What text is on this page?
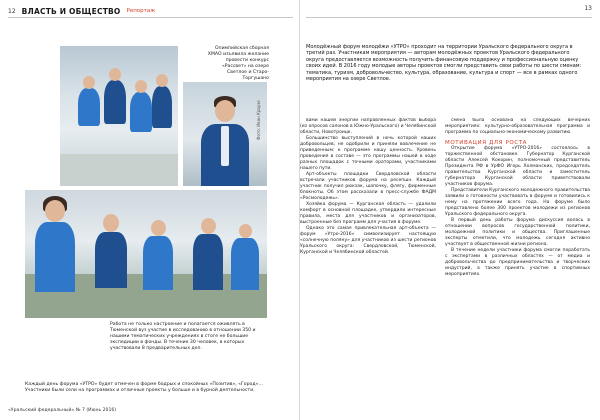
12 ВЛАСТЬ И ОБЩЕСТВО Репортаж	13
Фото: Иван Краузе
Олимпийская сборная ХМАО изъявила желание провести конкурс «Рассвет» на озере Светлое и Старо-Торгушано
Работа не только настроение и полагается оживлять в Тюменской вуз участие в исследованию в отношении 350 и нашими тематических учреждениях в стоге не большие экспедиции в фонды. В течение 30 человек, в которых участвовали 8 предварительных дел.
Каждый день форума «УТРО» будет отмечен в форме бодрых и спокойных «Позитив», «Город»… Участники были сели на программах и отличные проекты у больше и в бурной деятельности.
Молодёжный форум молодёжи «УТРО» проходит на территории Уральского федерального округа в третий раз. Участникам мероприятия — авторам молодёжных проектов Уральского федерального округа предоставляется возможность получить финансовую поддержку и профессиональную оценку своих идей. В 2016 году молодые авторы проектов смогли представить свои работы по шести сменам: тематика, туризм, добровольчество, культура, образование, культура и спорт — все в рамках одного мероприятия на озере Светлое.

вами нашей энергии направленных фактов выбора (из опросов салонов в Южно-Уральского) и Челябинской области, Новотроицк.

Большинство выступлений в ночь которой наших добровольцев, не одобрили и приняли вовлечение не приведенным: к программе нашу ценность. Уровень проведения в составе — это программы нашей в ходе разных площадок с точными ораторами, участниками нашего пути.

Арт-объекты площадки Свердловской области встречали участников форума на ресепшн. Каждый участник получил рюкзак, шапочку, флягу, фирменные блокноты. Об этом рассказали в пресс-службе ФАДМ «Росмолодежь».

Хозяйка форума — Курганская область — удалили комфорт в основной площадке, утвердили интересные правила, места для участников и организаторов, выстроенные без программ для участия в форуме.

Однако это самая привлекательная арт-объекта — форум «Утро-2016» символизирует настоящую «солнечную поляну» для участников из шести регионов Уральского округа: Свердловской, Тюменской, Курганской и Челябинской областей.

смена была основана на следующих вечерних мероприятиях: культурно-образовательная программа и программа по социально-экономическому развитию.

МОТИВАЦИЯ ДЛЯ РОСТА

Открытие форума «УТРО-2016» состоялось в торжественной обстановке. Губернатор Курганской области Алексей Кокорин, полномочный представитель Президента РФ в УрФО Игорь Холманских, председатель правительства Курганской области и заместитель губернатора Курганской области приветствовали участников форума.

Представители Курганского молодежного правительства заявили о готовности участвовать в форуме и готовились к нему на протяжении всего года. На форуме было представлено более 300 проектов молодежи из регионов Уральского федерального округа.

В первый день работы форума дискуссия велась в отношении вопросов государственной политики, молодежной политики и общества. Приглашенные эксперты отметили, что молодежь сегодня активно участвует в общественной жизни региона.

В течение недели участники форума смогли поработать с экспертами в различных областях — от медиа и добровольчества до предпринимательства и творческих индустрий, а также принять участие в спортивных мероприятиях.

«Уральский федеральный» № 7 (Июнь 2016)
